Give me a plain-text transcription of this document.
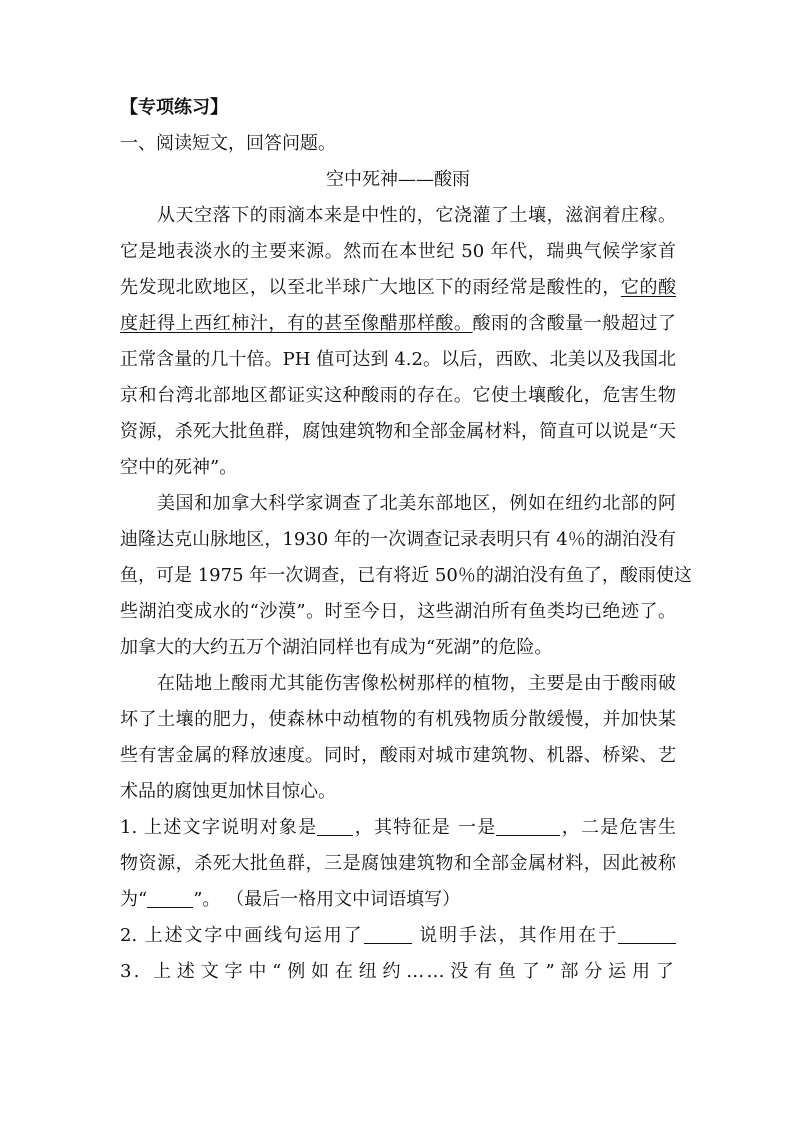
【专项练习】
一、阅读短文，回答问题。
空中死神——酸雨
从天空落下的雨滴本来是中性的，它浇灌了土壤，滋润着庄稼。
它是地表淡水的主要来源。然而在本世纪 50 年代，瑞典气候学家首
先发现北欧地区，以至北半球广大地区下的雨经常是酸性的，它的酸
度赶得上西红柿汁，有的甚至像醋那样酸。酸雨的含酸量一般超过了
正常含量的几十倍。PH 值可达到 4.2。以后，西欧、北美以及我国北
京和台湾北部地区都证实这种酸雨的存在。它使土壤酸化，危害生物
资源，杀死大批鱼群，腐蚀建筑物和全部金属材料，简直可以说是“天
空中的死神”。
美国和加拿大科学家调查了北美东部地区，例如在纽约北部的阿
迪隆达克山脉地区，1930 年的一次调查记录表明只有 4％的湖泊没有
鱼，可是 1975 年一次调查，已有将近 50％的湖泊没有鱼了，酸雨使这
些湖泊变成水的“沙漠”。时至今日，这些湖泊所有鱼类均已绝迹了。
加拿大的大约五万个湖泊同样也有成为“死湖”的危险。
在陆地上酸雨尤其能伤害像松树那样的植物，主要是由于酸雨破
坏了土壤的肥力，使森林中动植物的有机残物质分散缓慢，并加快某
些有害金属的释放速度。同时，酸雨对城市建筑物、机器、桥梁、艺
术品的腐蚀更加怵目惊心。
1. 上述文字说明对象是 ，其特征是 一是	，二是危害生
物资源，杀死大批鱼群，三是腐蚀建筑物和全部金属材料，因此被称
为“	”。 （最后一格用文中词语填写）
2. 上述文字中画线句运用了	说明手法，其作用在于
3. 上述文字中“例如在纽约……没有鱼了”部分运用了
